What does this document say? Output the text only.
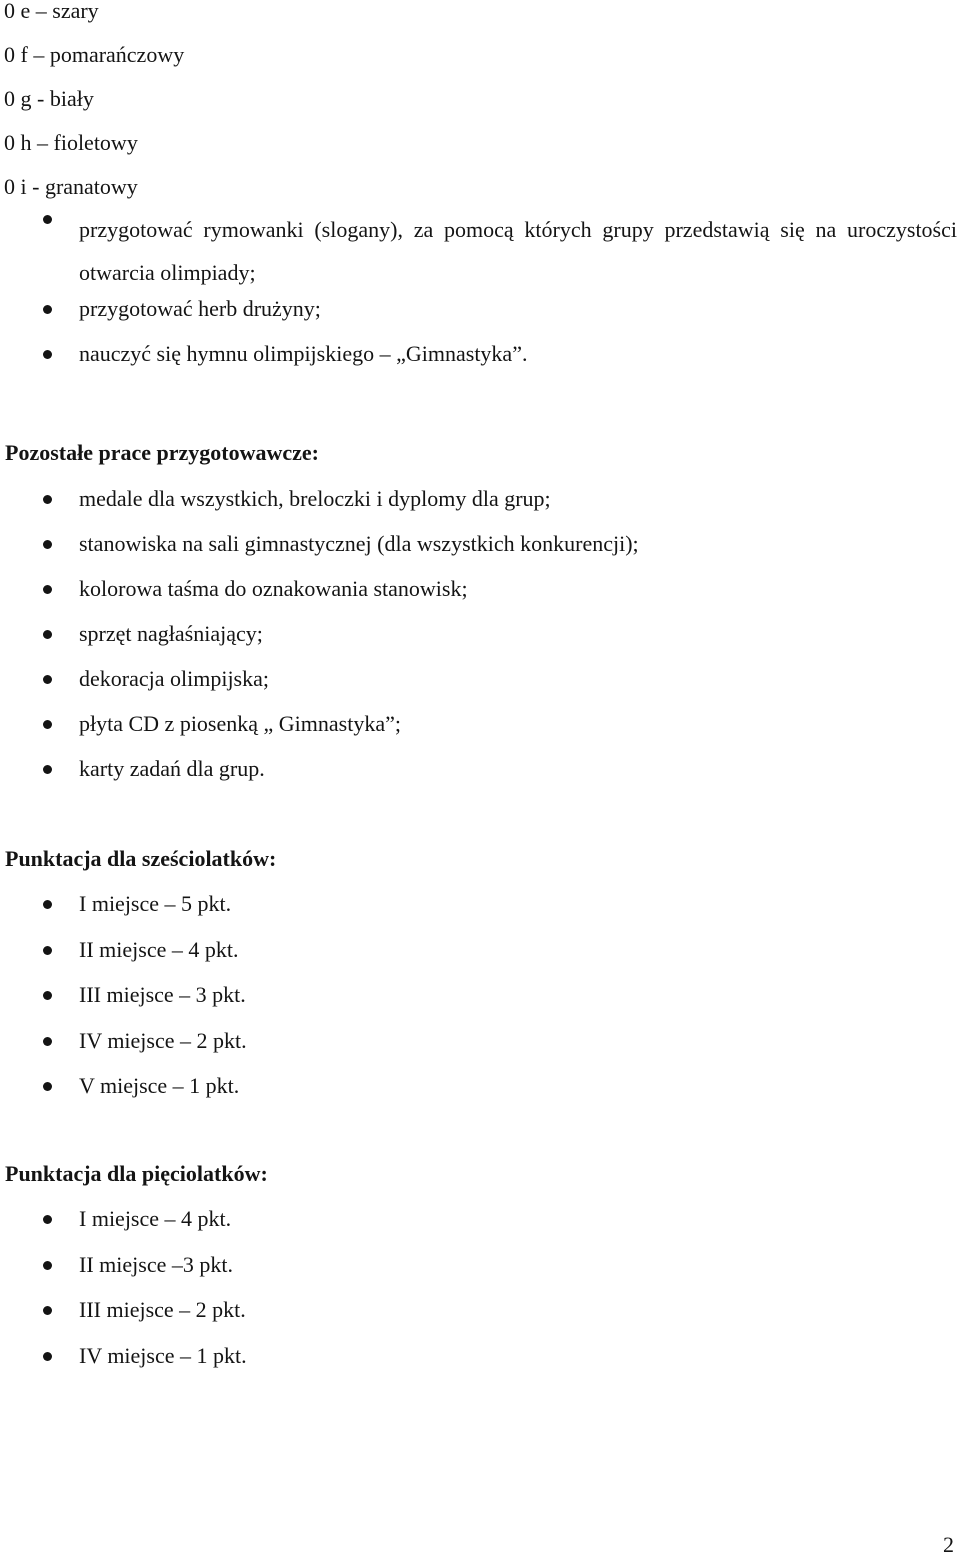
0 e – szary
0 f – pomarańczowy
0 g - biały
0 h – fioletowy
0 i - granatowy
przygotować rymowanki (slogany), za pomocą których grupy przedstawią się na uroczystości otwarcia olimpiady;
przygotować herb drużyny;
nauczyć się hymnu olimpijskiego – „Gimnastyka”.
Pozostałe prace przygotowawcze:
medale dla wszystkich, breloczki i dyplomy dla grup;
stanowiska na sali gimnastycznej (dla wszystkich konkurencji);
kolorowa taśma do oznakowania stanowisk;
sprzęt nagłaśniający;
dekoracja olimpijska;
płyta CD z piosenką „ Gimnastyka”;
karty zadań dla grup.
Punktacja dla sześciolatków:
I miejsce – 5 pkt.
II miejsce – 4 pkt.
III miejsce – 3 pkt.
IV miejsce – 2 pkt.
V miejsce – 1 pkt.
Punktacja dla pięciolatków:
I miejsce – 4 pkt.
II miejsce –3 pkt.
III miejsce – 2 pkt.
IV miejsce – 1 pkt.
2
